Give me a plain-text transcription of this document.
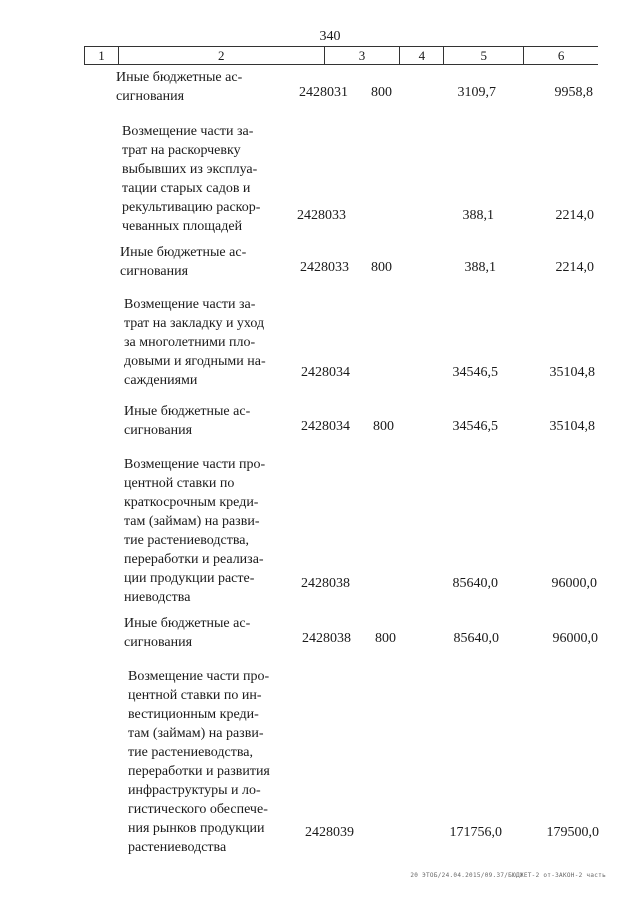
340
1	2	3	4	5	6
Иные бюджетные ас-
сигнования	2428031	800	3109,7	9958,8
Возмещение части за-
трат на раскорчевку
выбывших из эксплуа-
тации старых садов и
рекультивацию раскор-
чеванных площадей
2428033	388,1	2214,0
Иные бюджетные ас-
сигнования	2428033	800	388,1	2214,0
Возмещение части за-
трат на закладку и уход
за многолетними пло-
довыми и ягодными на-
саждениями
2428034	34546,5	35104,8
Иные бюджетные ас-
сигнования	2428034	800	34546,5	35104,8
Возмещение части про-
центной ставки по
краткосрочным креди-
там (займам) на разви-
тие растениеводства,
переработки и реализа-
ции продукции расте-
ниеводства
2428038	85640,0	96000,0
Иные бюджетные ас-
сигнования	2428038	800	85640,0	96000,0
Возмещение части про-
центной ставки по ин-
вестиционным креди-
там (займам) на разви-
тие растениеводства,
переработки и развития
инфраструктуры и ло-
гистического обеспече-
ния рынков продукции
растениеводства
2428039	171756,0	179500,0
20 ЭТОБ/24.04.2015/09.37/БЮДЖЕТ-2 от-ЗАКОН-2 часть
